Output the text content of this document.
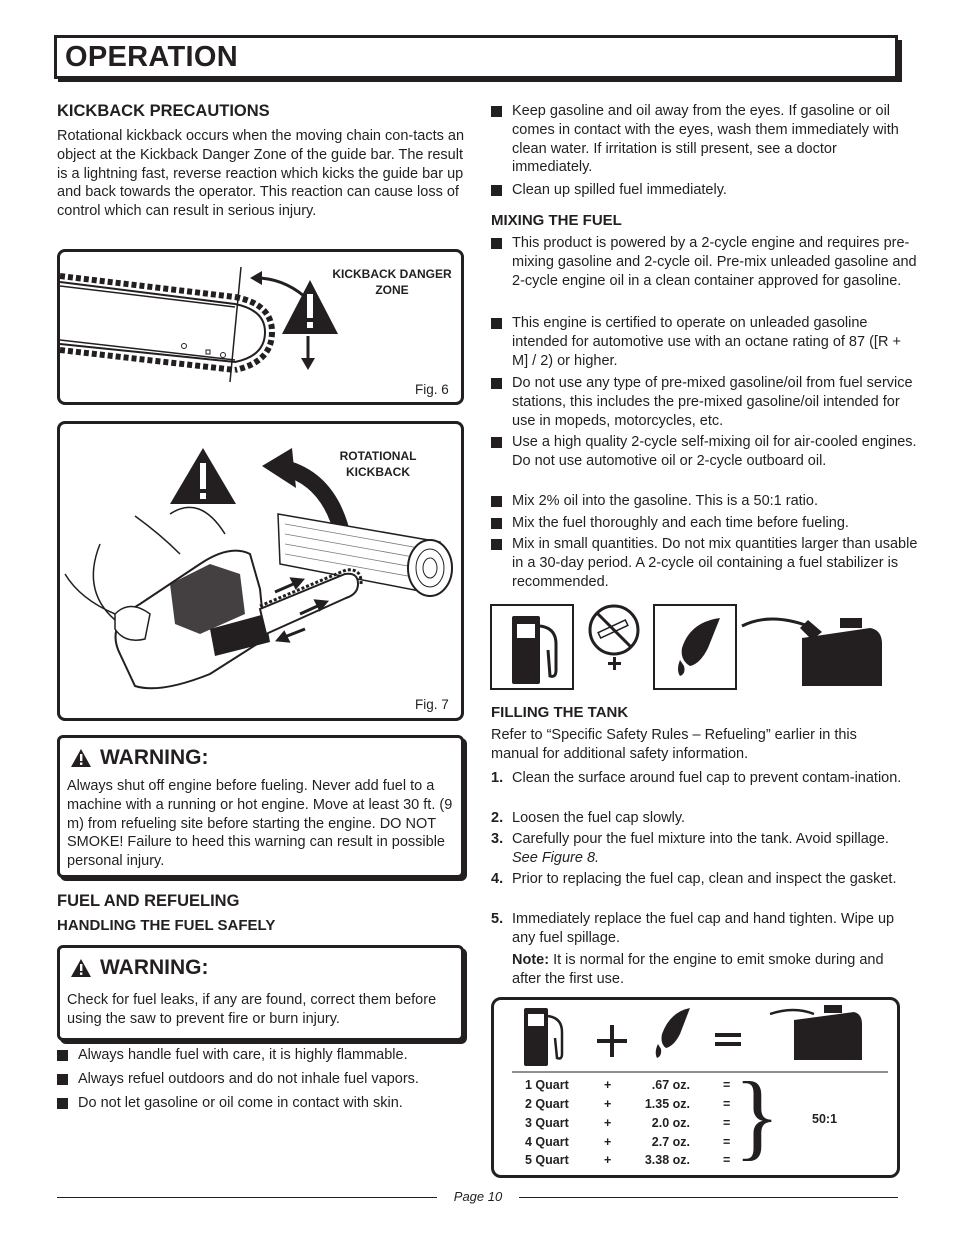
OPERATION
KICKBACK PRECAUTIONS
Rotational kickback occurs when the moving chain con-tacts an object at the Kickback Danger Zone of the guide bar. The result is a lightning fast, reverse reaction which kicks the guide bar up and back towards the operator. This reaction can cause loss of control which can result in serious injury.
KICKBACK DANGER
ZONE
Fig. 6
ROTATIONAL
KICKBACK
Fig. 7
WARNING:
Always shut off engine before fueling. Never add fuel to a machine with a running or hot engine. Move at least 30 ft. (9 m) from refueling site before starting the engine. DO NOT SMOKE! Failure to heed this warning can result in possible personal injury.
FUEL AND REFUELING
HANDLING THE FUEL SAFELY
WARNING:
Check for fuel leaks, if any are found, correct them before using the saw to prevent fire or burn injury.
Always handle fuel with care, it is highly flammable.
Always refuel outdoors and do not inhale fuel vapors.
Do not let gasoline or oil come in contact with skin.
Keep gasoline and oil away from the eyes. If gasoline or oil comes in contact with the eyes, wash them immediately with clean water. If irritation is still present, see a doctor immediately.
Clean up spilled fuel immediately.
MIXING THE FUEL
This product is powered by a 2-cycle engine and requires pre-mixing gasoline and 2-cycle oil. Pre-mix unleaded gasoline and 2-cycle engine oil in a clean container approved for gasoline.
This engine is certified to operate on unleaded gasoline intended for automotive use with an octane rating of 87 ([R + M] / 2) or higher.
Do not use any type of pre-mixed gasoline/oil from fuel service stations, this includes the pre-mixed gasoline/oil intended for use in mopeds, motorcycles, etc.
Use a high quality 2-cycle self-mixing oil for air-cooled engines. Do not use automotive oil or 2-cycle outboard oil.
Mix 2% oil into the gasoline. This is a 50:1 ratio.
Mix the fuel thoroughly and each time before fueling.
Mix in small quantities. Do not mix quantities larger than usable in a 30-day period. A 2-cycle oil containing a fuel stabilizer is recommended.
FILLING THE TANK
Refer to “Specific Safety Rules – Refueling” earlier in this manual for additional safety information.
1. Clean the surface around fuel cap to prevent contam-ination.
2. Loosen the fuel cap slowly.
3. Carefully pour the fuel mixture into the tank. Avoid spillage. See Figure 8.
4. Prior to replacing the fuel cap, clean and inspect the gasket.
5. Immediately replace the fuel cap and hand tighten. Wipe up any fuel spillage.
Note: It is normal for the engine to emit smoke during and after the first use.
1 Quart	+	.67 oz.	=
2 Quart	+	1.35 oz.	=
3 Quart	+	2.0 oz.	=
4 Quart	+	2.7 oz.	=
5 Quart	+	3.38 oz.	= }	50:1
Page 10
